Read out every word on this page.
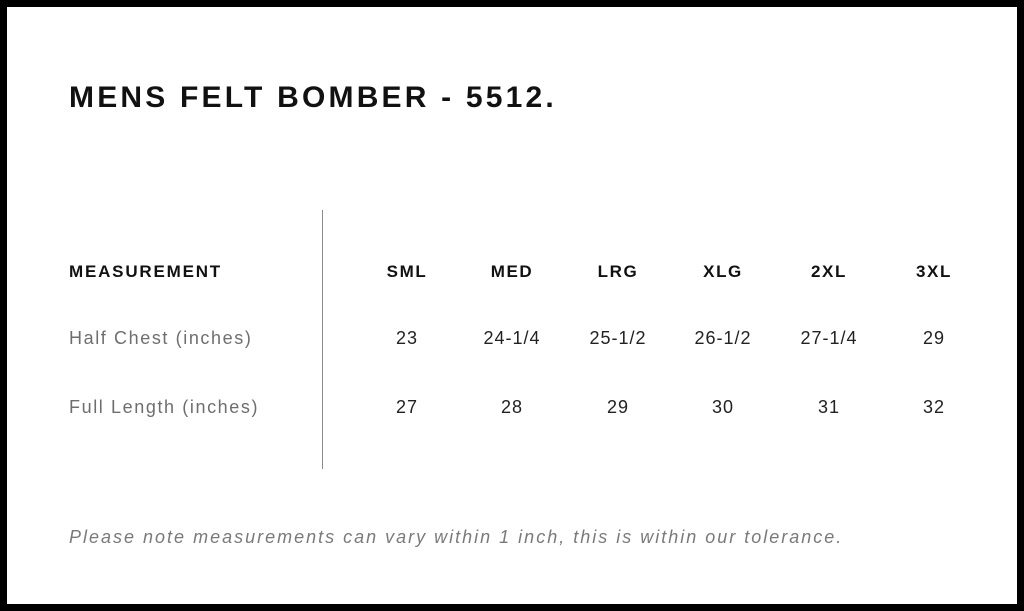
MENS FELT BOMBER - 5512.
MEASUREMENT	SML	MED	LRG	XLG	2XL	3XL
Half Chest (inches)	23	24-1/4	25-1/2	26-1/2	27-1/4	29
Full Length (inches)	27	28	29	30	31	32
Please note measurements can vary within 1 inch, this is within our tolerance.
